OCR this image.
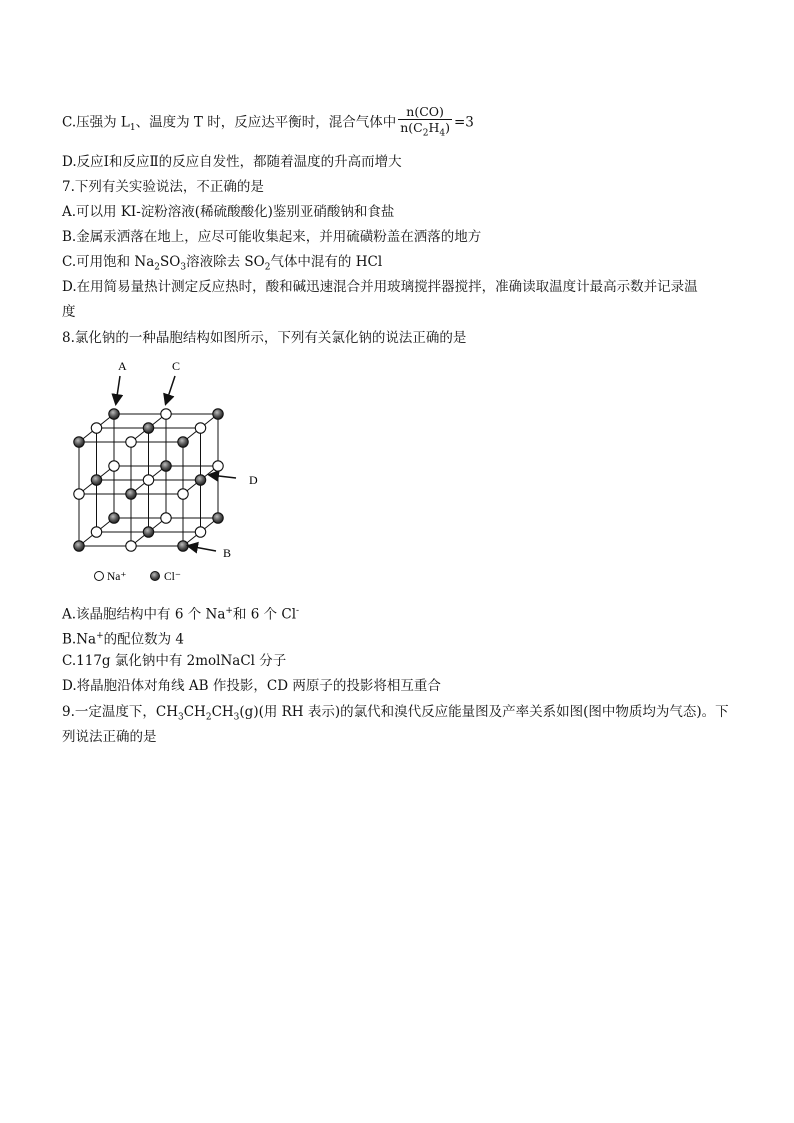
C.压强为 $L_1$、温度为 T 时，反应达平衡时，混合气体中 $\frac{n(CO)}{n(C_2H_4)} =3$
D.反应Ⅰ和反应Ⅱ的反应自发性，都随着温度的升高而增大
7.下列有关实验说法，不正确的是
A.可以用 KI-淀粉溶液(稀硫酸酸化)鉴别亚硝酸钠和食盐
B.金属汞洒落在地上，应尽可能收集起来，并用硫磺粉盖在洒落的地方
C.可用饱和 $Na_2SO_3$溶液除去 $SO_2$气体中混有的 HCl
D.在用简易量热计测定反应热时，酸和碱迅速混合并用玻璃搅拌器搅拌，准确读取温度计最高示数并记录温
度
8.氯化钠的一种晶胞结构如图所示，下列有关氯化钠的说法正确的是
A	C
D
B
Na⁺	Cl⁻
A.该晶胞结构中有 6 个 Na+和 6 个 Cl-
B.Na+的配位数为 4
C.117g 氯化钠中有 2molNaCl 分子
D.将晶胞沿体对角线 AB 作投影，CD 两原子的投影将相互重合
9.一定温度下，$CH_3CH_2CH_3(g)$(用 RH 表示)的氯代和溴代反应能量图及产率关系如图(图中物质均为气态)。下
列说法正确的是
